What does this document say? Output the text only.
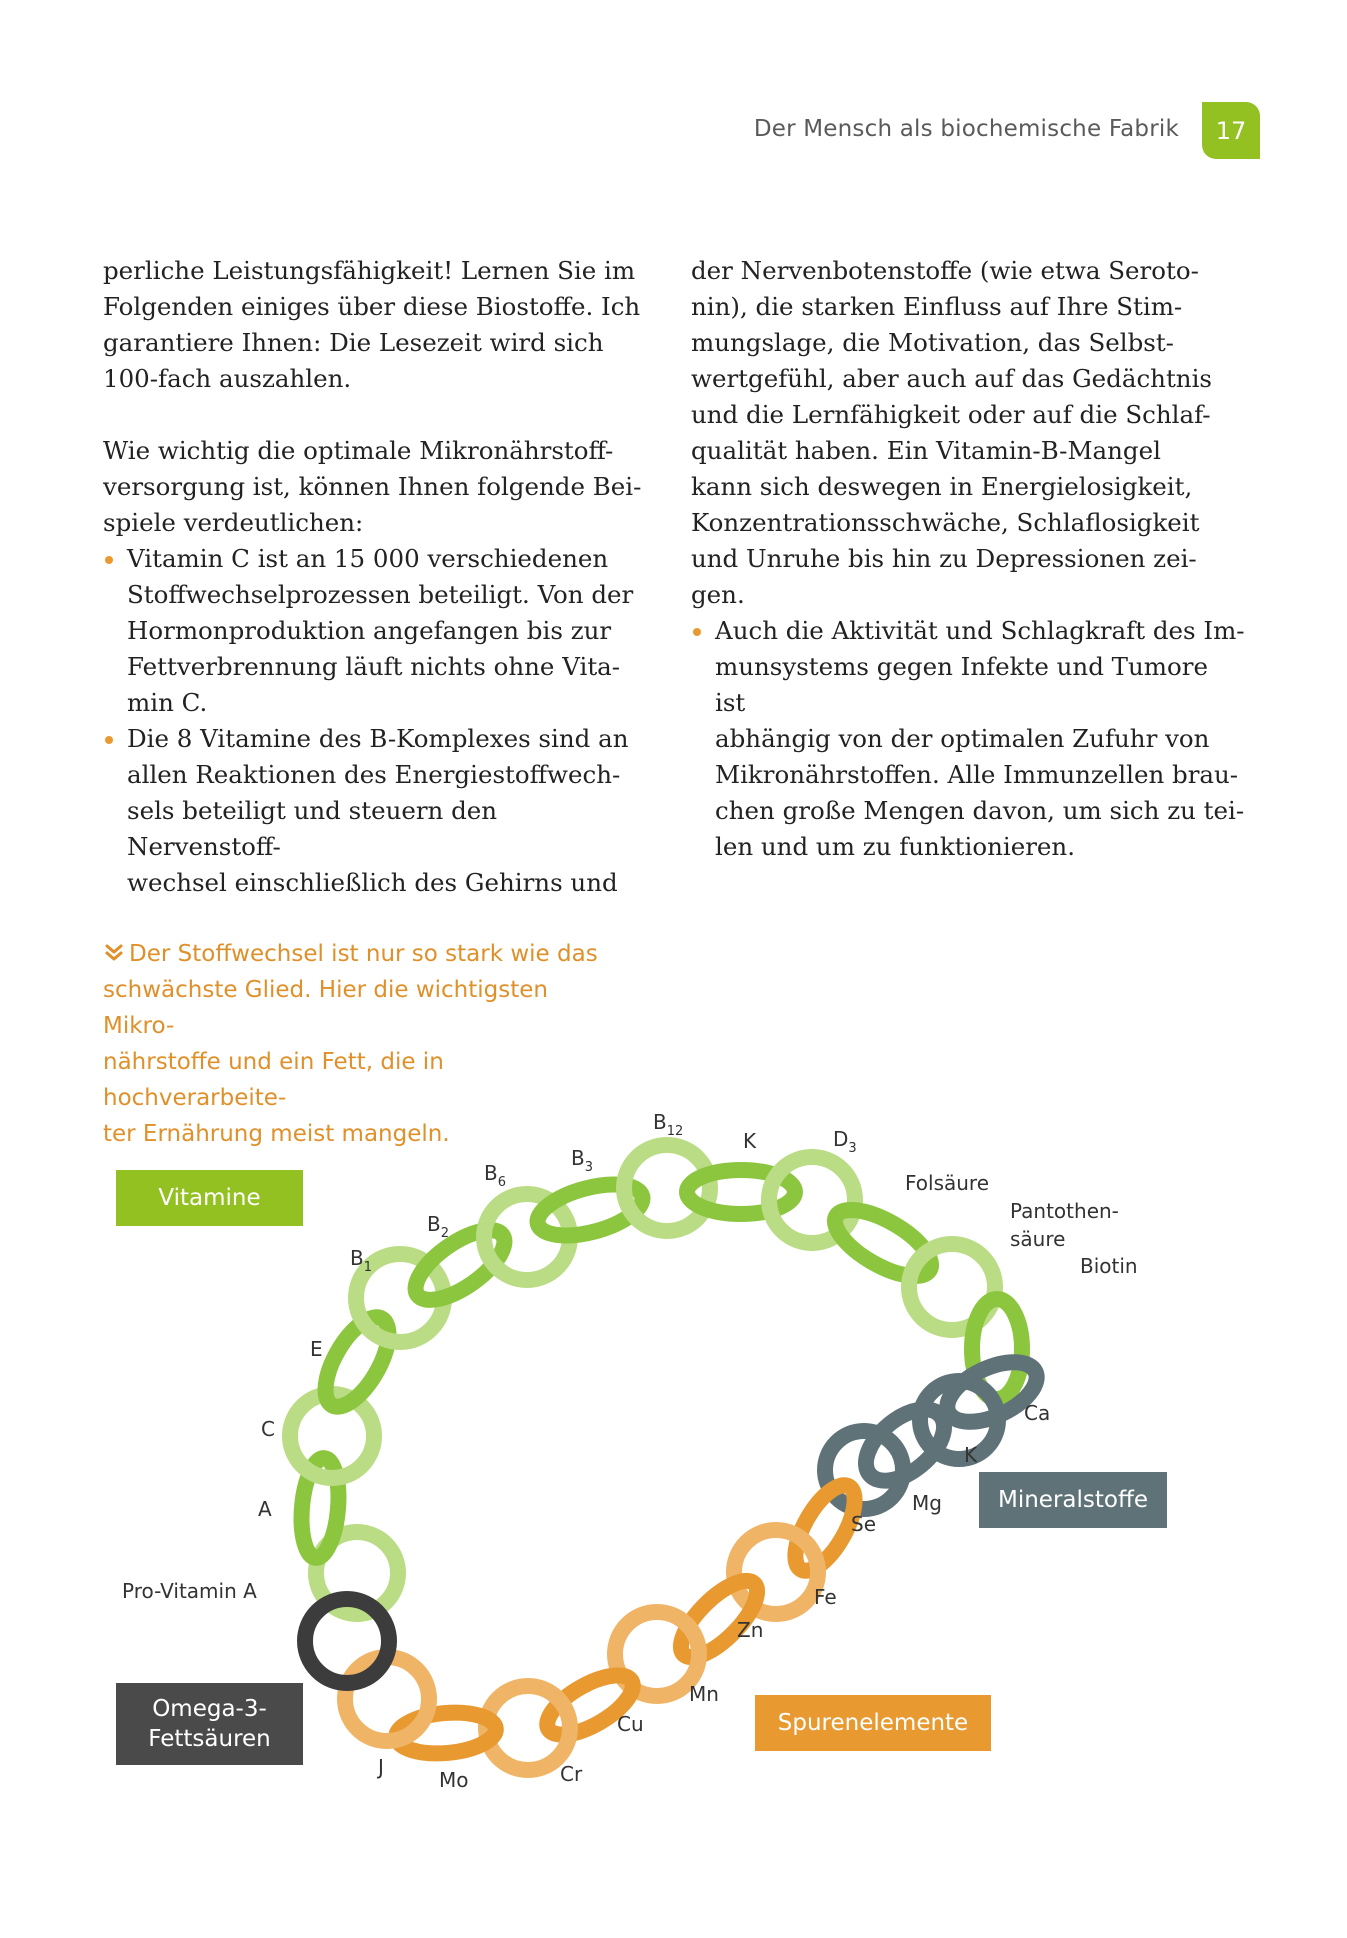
Der Mensch als biochemische Fabrik	17

perliche Leistungsfähigkeit! Lernen Sie im
Folgenden einiges über diese Biostoffe. Ich
garantiere Ihnen: Die Lesezeit wird sich
100-fach auszahlen.

Wie wichtig die optimale Mikronährstoff-
versorgung ist, können Ihnen folgende Bei-
spiele verdeutlichen:

Vitamin C ist an 15 000 verschiedenen
Stoffwechselprozessen beteiligt. Von der
Hormonproduktion angefangen bis zur
Fettverbrennung läuft nichts ohne Vita-
min C.
Die 8 Vitamine des B-Komplexes sind an
allen Reaktionen des Energiestoffwech-
sels beteiligt und steuern den Nervenstoff-
wechsel einschließlich des Gehirns und

der Nervenbotenstoffe (wie etwa Seroto-
nin), die starken Einfluss auf Ihre Stim-
mungslage, die Motivation, das Selbst-
wertgefühl, aber auch auf das Gedächtnis
und die Lernfähigkeit oder auf die Schlaf-
qualität haben. Ein Vitamin-B-Mangel
kann sich deswegen in Energielosigkeit,
Konzentrationsschwäche, Schlaflosigkeit
und Unruhe bis hin zu Depressionen zei-
gen.

Auch die Aktivität und Schlagkraft des Im-
munsystems gegen Infekte und Tumore ist
abhängig von der optimalen Zufuhr von
Mikronährstoffen. Alle Immunzellen brau-
chen große Mengen davon, um sich zu tei-
len und um zu funktionieren.

Der Stoffwechsel ist nur so stark wie das

schwächste Glied. Hier die wichtigsten Mikro-

nährstoffe und ein Fett, die in hochverarbeite-

ter Ernährung meist mangeln.

Pro-Vitamin A
A
C
E
$B_1$
$B_2$
$B_6$
$B_3$
$B_{12}$	K	$D_3$
Folsäure
Pantothen-säure
Biotin
Ca
K
Mg
Se
Fe
Zn
Mn
Cu
Cr
Mo
J
Vitamine
Mineralstoffe
Omega-3-
Fettsäuren
Spurenelemente
